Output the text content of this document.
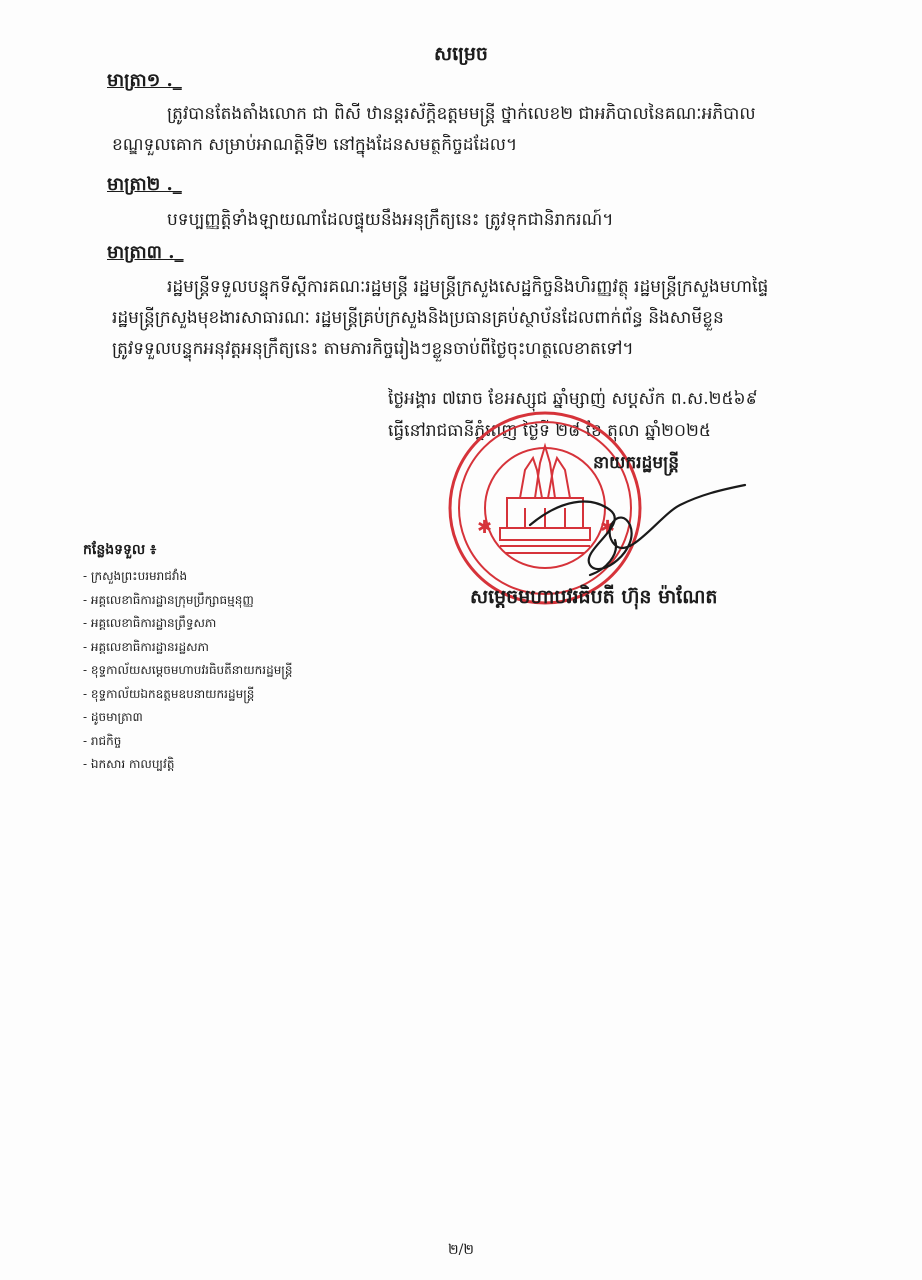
សម្រេច
មាត្រា១ ._
ត្រូវបានតែងតាំងលោក ជា ពិសី ឋានន្តរស័ក្តិឧត្តមមន្ត្រី ថ្នាក់លេខ២ ជាអភិបាលនៃគណៈអភិបាល
ខណ្ឌទួលគោក សម្រាប់អាណត្តិទី២ នៅក្នុងដែនសមត្ថកិច្ចដដែល។
មាត្រា២ ._
បទប្បញ្ញត្តិទាំងឡាយណាដែលផ្ទុយនឹងអនុក្រឹត្យនេះ ត្រូវទុកជានិរាករណ៍។
មាត្រា៣ ._
រដ្ឋមន្ត្រីទទួលបន្ទុកទីស្តីការគណៈរដ្ឋមន្ត្រី រដ្ឋមន្ត្រីក្រសួងសេដ្ឋកិច្ចនិងហិរញ្ញវត្ថុ រដ្ឋមន្ត្រីក្រសួងមហាផ្ទៃ
រដ្ឋមន្ត្រីក្រសួងមុខងារសាធារណៈ រដ្ឋមន្ត្រីគ្រប់ក្រសួងនិងប្រធានគ្រប់ស្ថាប័នដែលពាក់ព័ន្ធ និងសាមីខ្លួន
ត្រូវទទួលបន្ទុកអនុវត្តអនុក្រឹត្យនេះ តាមភារកិច្ចរៀងៗខ្លួនចាប់ពីថ្ងៃចុះហត្ថលេខាតទៅ។
ថ្ងៃអង្គារ ៧រោច ខែអស្សុជ ឆ្នាំម្សាញ់ សប្តស័ក ព.ស.២៥៦៩
ធ្វើនៅរាជធានីភ្នំពេញ ថ្ងៃទី ២៨ ខែ តុលា ឆ្នាំ២០២៥
✱	✱
នាយករដ្ឋមន្ត្រី
សម្តេចមហាបវរធិបតី ហ៊ុន ម៉ាណែត
កន្លែងទទួល ៖
- ក្រសួងព្រះបរមរាជវាំង
- អគ្គលេខាធិការដ្ឋានក្រុមប្រឹក្សាធម្មនុញ្ញ
- អគ្គលេខាធិការដ្ឋានព្រឹទ្ធសភា
- អគ្គលេខាធិការដ្ឋានរដ្ឋសភា
- ខុទ្ទកាល័យសម្តេចមហាបវរធិបតីនាយករដ្ឋមន្ត្រី
- ខុទ្ទកាល័យឯកឧត្តមឧបនាយករដ្ឋមន្ត្រី
- ដូចមាត្រា៣
- រាជកិច្ច
- ឯកសារ កាលប្បវត្តិ
២/២
